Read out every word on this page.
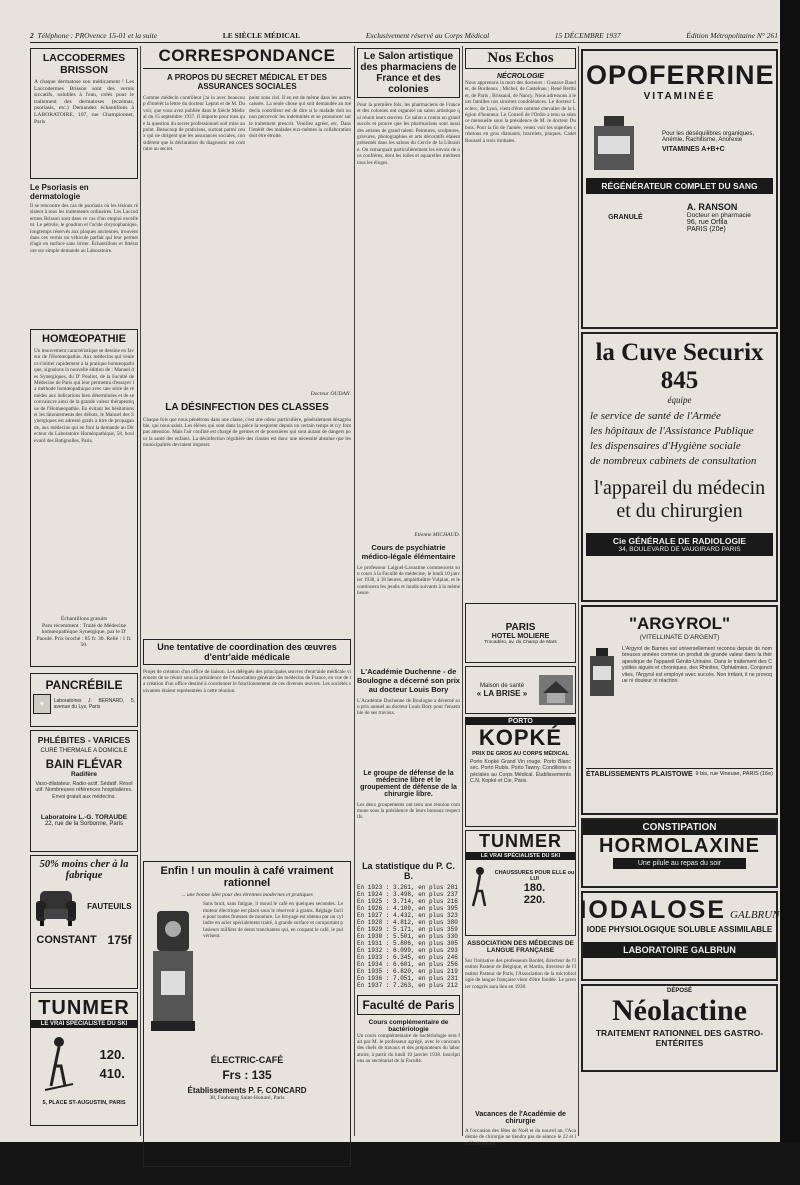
2 Téléphone : PROvence 15-01 et la suite	LE SIÈCLE MÉDICAL	Exclusivement réservé au Corps Médical	15 DÉCEMBRE 1937	Édition Métropolitaine N° 261
LACCODERMES BRISSON
A chaque dermatose son médicament ! Les Laccodermes Brisson sont des vernis siccatifs, solubles à l'eau, créés pour le traitement des dermatoses (eczémas, psoriasis, etc.) Demandez échantillons à LABORATOIRE, 107, rue Championnet, Paris
Le Psoriasis en dermatologie
Il se rencontre des cas de psoriasis où les lésions résistent à tous les traitements ordinaires. Les Laccodermes Brisson sont dans ce cas d'un emploi excellent. Le pétrole, le goudron et l'acide chrysophanique, longtemps réservés aux plaques anciennes, trouvent dans ces vernis un véhicule parfait qui leur permet d'agir en surface sans irriter. Échantillons et littérature sur simple demande au Laboratoire.
HOMŒOPATHIE
Un mouvement caractéristique se dessine en faveur de l'Homœopathie. Aux médecins qui veulent s'initier rapidement à la pratique homœopathique, signalons la nouvelle édition de : Manuel des Synergiques, du D' Pouliot, de la Faculté de Médecine de Paris qui leur permettra d'essayer la méthode homœopathique avec une série de remèdes aux indications bien déterminées et de se convaincre ainsi de la grande valeur thérapeutique de l'Homœopathie. En évitant les hésitations et les tâtonnements des débuts, le Manuel des Synergiques est adressé gratis à titre de propagande, aux médecins qui en font la demande au Directeur du Laboratoire Homéopathique, 58, boulevard des Batignolles, Paris.
Échantillons gratuits
Paru récemment : Traité de Médecine homœopathique Synergique, par le D' Paoulé. Prix broché : 85 fr. 30. Relié : 1 fr. 50.
PANCRÉBILE
◆	Laboratoires J. BERNARD, 5, avenue du Lys, Paris
PHLÉBITES - VARICES
CURE THERMALE A DOMICILE
BAIN FLÉVAR
Radifère
Vaso-dilatateur. Radio-actif. Sédatif. Résolutif. Nombreuses références hospitalières. Envoi gratuit aux médecins.
Laboratoire L.-G. TORAUDE
22, rue de la Sorbonne, Paris
50% moins cher à la fabrique
FAUTEUILS
CONSTANT 175f
TUNMER
LE VRAI SPÉCIALISTE DU SKI
120.
410.
5, PLACE ST-AUGUSTIN, PARIS
CORRESPONDANCE
A PROPOS DU SECRET MÉDICAL ET DES ASSURANCES SOCIALES
Comme médecin contrôleur j'ai lu avec beaucoup d'intérêt la lettre du docteur Leprat et de M. Duvoir, que vous avez publiée dans le Siècle Médical du 15 septembre 1937. Il importe pour tous que la question du secret professionnel soit mise au point. Beaucoup de praticiens, surtout parmi ceux qui ne dirigent que les assurances sociales, considèrent que la déclaration du diagnostic est contraire au secret.
point sous ciel. Il en est de même dans les autres caisses. La seule chose qui soit demandée au médecin contrôleur est de dire si le malade doit ou non percevoir les indemnités et se prononcer sur le traitement prescrit. Veuillez agréer, etc. Dans l'intérêt des malades eux-mêmes la collaboration doit être étroite.
Docteur OUDAN.
LA DÉSINFECTION DES CLASSES
Chaque fois que nous pénétrons dans une classe, c'est une odeur particulière, généralement désagréable, qui nous saisit. Les élèves qui sont dans la pièce la respirent depuis un certain temps et n'y font pas attention. Mais l'air confiné est chargé de germes et de poussières qui sont autant de dangers pour la santé des enfants. La désinfection régulière des classes est donc une nécessité absolue que les municipalités devraient imposer.
Une tentative de coordination des œuvres d'entr'aide médicale
Projet de création d'un office de liaison. Les délégués des principales œuvres d'entr'aide médicale viennent de se réunir sous la présidence de l'Association générale des médecins de France, en vue de la création d'un office destiné à coordonner le fonctionnement de ces diverses œuvres. Les sociétés suivantes étaient représentées à cette réunion.
Enfin ! un moulin à café vraiment rationnel
... une bonne idée pour des étrennes modernes et pratiques
Sans bruit, sans fatigue, il moud le café en quelques secondes. Le moteur électrique est placé sous le réservoir à grains. Réglage facile pour toutes finesses de mouture. Le broyage est obtenu par un cylindre en acier spécialement traité, à grande surface et comportant plusieurs milliers de dents tranchantes qui, en coupant le café, le pulvérisent.
ÉLECTRIC-CAFÉ
Frs : 135
Établissements P. F. CONCARD
38, Faubourg Saint-Honoré, Paris
Le Salon artistique des pharmaciens de France et des colonies
Pour la première fois, les pharmaciens de France et des colonies ont organisé un salon artistique qui réunit leurs œuvres. Ce salon a connu un grand succès et prouve que les pharmaciens sont aussi des artistes de grand talent. Peintures, sculptures, gravures, photographies et arts décoratifs étaient présentés dans les salons du Cercle de la Librairie. On remarquait particulièrement les envois de nos confrères, dont les toiles et aquarelles méritent tous les éloges.
Etienne MICHAUD.
Cours de psychiatrie médico-légale élémentaire
Le professeur Laignel-Lavastine commencera son cours à la Faculté de médecine, le lundi 10 janvier 1938, à 18 heures, amphithéâtre Vulpian, et le continuera les jeudis et lundis suivants à la même heure.
L'Académie Duchenne - de Boulogne a décerné son prix au docteur Louis Bory
L'Académie Duchenne de Boulogne a décerné son prix annuel au docteur Louis Bory pour l'ensemble de ses travaux.
Le groupe de défense de la médecine libre et le groupement de défense de la chirurgie libre.
Les deux groupements ont tenu une réunion commune sous la présidence de leurs bureaux respectifs.
La statistique du P. C. B.
En 1923 : 3.261, en plus 281
En 1924 : 3.498, en plus 237
En 1925 : 3.714, en plus 216
En 1926 : 4.109, en plus 395
En 1927 : 4.432, en plus 323
En 1928 : 4.812, en plus 380
En 1929 : 5.171, en plus 359
En 1930 : 5.501, en plus 330
En 1931 : 5.806, en plus 305
En 1932 : 6.099, en plus 293
En 1933 : 6.345, en plus 246
En 1934 : 6.601, en plus 256
En 1935 : 6.820, en plus 219
En 1936 : 7.051, en plus 231
En 1937 : 7.263, en plus 212
Faculté de Paris
Cours complémentaire de bactériologie
Un cours complémentaire de bactériologie sera fait par M. le professeur agrégé, avec le concours des chefs de travaux et des préparateurs du laboratoire, à partir du lundi 10 janvier 1938. Inscriptions au secrétariat de la Faculté.
Nos Echos
NÉCROLOGIE
Nous apprenons la mort des docteurs : Gustave Baudet, de Bordeaux ; Michel, de Castelnau ; René Berthier, de Paris ; Brissaud, de Nancy. Nous adressons à leurs familles nos sincères condoléances. Le docteur Leclerc, de Lyon, vient d'être nommé chevalier de la Légion d'honneur. Le Conseil de l'Ordre a tenu sa séance mensuelle sous la présidence de M. le docteur Dubois. Pour la fin de l'année, venez voir les superbes créations en gros diamants, bracelets, plaques. Cadet Roussel à trois timbales.
PARIS
HOTEL MOLIERE
Trocadéro, av. du Champ de Mars
Maison de santé
« LA BRISE »
PORTO
KOPKÉ
PRIX DE GROS AU CORPS MÉDICAL
Porto Kopké Grand Vin rouge. Porto Blanc sec. Porto Rubis. Porto Tawny. Conditions spéciales au Corps Médical. Établissements C.N. Kopké et Cie, Paris.
TUNMER
LE VRAI SPÉCIALISTE DU SKI
CHAUSSURES POUR ELLE ou LUI
180.
220.
ASSOCIATION DES MÉDECINS DE LANGUE FRANÇAISE
Sur l'initiative des professeurs Bordet, directeur de l'Institut Pasteur de Belgique, et Martin, directeur de l'Institut Pasteur de Paris, l'Association de la microbiologie de langue française vient d'être fondée. Le premier congrès aura lieu en 1938.
Vacances de l'Académie de chirurgie
A l'occasion des fêtes de Noël et du nouvel an, l'Académie de chirurgie ne tiendra pas de séance le 22 et le 29 décembre.
OPOFERRINE
VITAMINÉE
Pour les déséquilibres organiques, Anémie, Rachitisme, Anorexie
VITAMINES A+B+C
RÉGÉNÉRATEUR COMPLET DU SANG
GRANULÉ
A. RANSON
Docteur en pharmacie
96, rue Orfila
PARIS (20e)
la Cuve Securix 845
équipe
le service de santé de l'Armée
les hôpitaux de l'Assistance Publique
les dispensaires d'Hygiène sociale
de nombreux cabinets de consultation
l'appareil du médecin
et du chirurgien
Cie GÉNÉRALE DE RADIOLOGIE
34, BOULEVARD DE VAUGIRARD PARIS
"ARGYROL"
(VITELLINATE D'ARGENT)
L'Argyrol de Barnes est universellement reconnu depuis de nombreuses années comme un produit de grande valeur dans la thérapeutique de l'appareil Génito-Urinaire. Dans le traitement des Cystites aiguës et chroniques, des Rhinites, Ophtalmies, Conjonctivites, l'Argyrol est employé avec succès. Non irritant, il ne provoque ni douleur ni réaction.
ÉTABLISSEMENTS PLAISTOWE 9 bis, rue Vineuse, PARIS (16e)
CONSTIPATION
HORMOLAXINE
Une pilule au repas du soir
IODALOSE GALBRUN
IODE PHYSIOLOGIQUE SOLUBLE ASSIMILABLE
LABORATOIRE GALBRUN
DÉPOSÉ
Néolactine
TRAITEMENT RATIONNEL DES GASTRO-ENTÉRITES
